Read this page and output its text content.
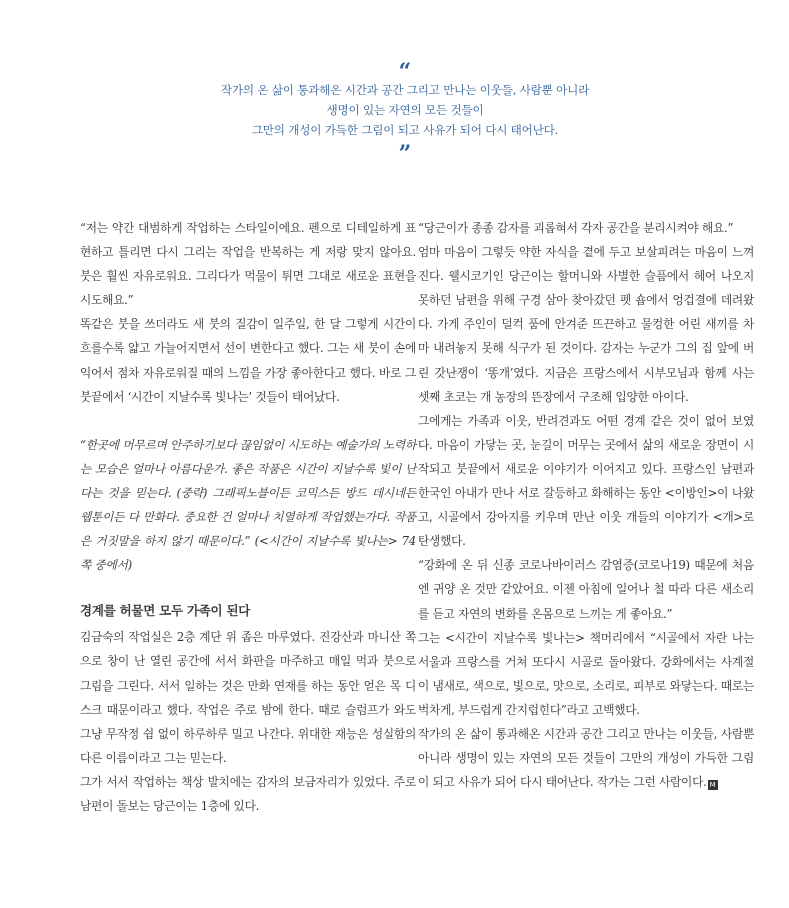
“
작가의 온 삶이 통과해온 시간과 공간 그리고 만나는 이웃들, 사람뿐 아니라
생명이 있는 자연의 모든 것들이
그만의 개성이 가득한 그림이 되고 사유가 되어 다시 태어난다.
”

“저는 약간 대범하게 작업하는 스타일이에요. 펜으로 디테일하게 표현하고 틀리면 다시 그리는 작업을 반복하는 게 저랑 맞지 않아요. 붓은 훨씬 자유로워요. 그리다가 먹물이 튀면 그대로 새로운 표현을 시도해요.”

똑같은 붓을 쓰더라도 새 붓의 질감이 일주일, 한 달 그렇게 시간이 흐를수록 얇고 가늘어지면서 선이 변한다고 했다. 그는 새 붓이 손에 익어서 점차 자유로워질 때의 느낌을 가장 좋아한다고 했다. 바로 그 붓끝에서 ‘시간이 지날수록 빛나는’ 것들이 태어났다.

“한곳에 머무르며 안주하기보다 끊임없이 시도하는 예술가의 노력하는 모습은 얼마나 아름다운가. 좋은 작품은 시간이 지날수록 빛이 난다는 것을 믿는다. (중략) 그래픽노블이든 코믹스든 방드 데시네든 웹툰이든 다 만화다. 중요한 건 얼마나 치열하게 작업했는가다. 작품은 거짓말을 하지 않기 때문이다.” (<시간이 지날수록 빛나는> 74쪽 중에서)

경계를 허물면 모두 가족이 된다

김금숙의 작업실은 2층 계단 위 좁은 마루였다. 진강산과 마니산 쪽으로 창이 난 열린 공간에 서서 화판을 마주하고 매일 먹과 붓으로 그림을 그린다. 서서 일하는 것은 만화 연재를 하는 동안 얻은 목 디스크 때문이라고 했다. 작업은 주로 밤에 한다. 때로 슬럼프가 와도 그냥 무작정 쉼 없이 하루하루 밀고 나간다. 위대한 재능은 성실함의 다른 이름이라고 그는 믿는다.

그가 서서 작업하는 책상 발치에는 감자의 보금자리가 있었다. 주로 남편이 돌보는 당근이는 1층에 있다.

“당근이가 종종 감자를 괴롭혀서 각자 공간을 분리시켜야 해요.”

엄마 마음이 그렇듯 약한 자식을 곁에 두고 보살피려는 마음이 느껴진다. 웰시코기인 당근이는 할머니와 사별한 슬픔에서 헤어 나오지 못하던 남편을 위해 구경 삼아 찾아갔던 펫 숍에서 엉겁결에 데려왔다. 가게 주인이 덜컥 품에 안겨준 뜨끈하고 물컹한 어린 새끼를 차마 내려놓지 못해 식구가 된 것이다. 감자는 누군가 그의 집 앞에 버린 갓난쟁이 ‘똥개’였다. 지금은 프랑스에서 시부모님과 함께 사는 셋째 초코는 개 농장의 뜬장에서 구조해 입양한 아이다.

그에게는 가족과 이웃, 반려견과도 어떤 경계 같은 것이 없어 보였다. 마음이 가닿는 곳, 눈길이 머무는 곳에서 삶의 새로운 장면이 시작되고 붓끝에서 새로운 이야기가 이어지고 있다. 프랑스인 남편과 한국인 아내가 만나 서로 갈등하고 화해하는 동안 <이방인>이 나왔고, 시골에서 강아지를 키우며 만난 이웃 개들의 이야기가 <개>로 탄생했다.

“강화에 온 뒤 신종 코로나바이러스 감염증(코로나19) 때문에 처음엔 귀양 온 것만 같았어요. 이젠 아침에 일어나 철 따라 다른 새소리를 듣고 자연의 변화를 온몸으로 느끼는 게 좋아요.”

그는 <시간이 지날수록 빛나는> 책머리에서 “시골에서 자란 나는 서울과 프랑스를 거쳐 또다시 시골로 돌아왔다. 강화에서는 사계절이 냄새로, 색으로, 빛으로, 맛으로, 소리로, 피부로 와닿는다. 때로는 벅차게, 부드럽게 간지럽힌다”라고 고백했다.

작가의 온 삶이 통과해온 시간과 공간 그리고 만나는 이웃들, 사람뿐 아니라 생명이 있는 자연의 모든 것들이 그만의 개성이 가득한 그림이 되고 사유가 되어 다시 태어난다. 작가는 그런 사람이다. M
